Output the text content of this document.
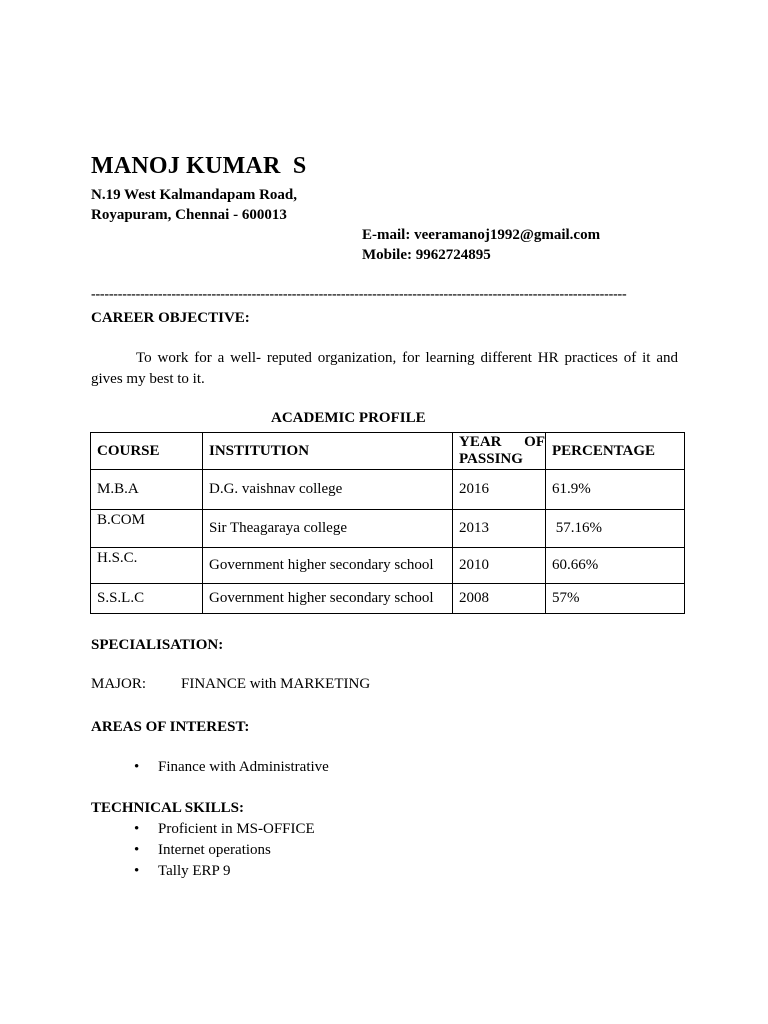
MANOJ KUMAR  S
N.19 West Kalmandapam Road,
Royapuram, Chennai - 600013
E-mail: veeramanoj1992@gmail.com
Mobile: 9962724895
------------------------------------------------------------------------------------------------------------------------
CAREER OBJECTIVE:
To work for a well- reputed organization, for learning different HR practices of it and gives my best to it.
ACADEMIC PROFILE
COURSE	INSTITUTION	YEAR OF PASSING	PERCENTAGE
M.B.A	D.G. vaishnav college	2016	61.9%
B.COM	Sir Theagaraya college	2013	57.16%
H.S.C.	Government higher secondary school	2010	60.66%
S.S.L.C	Government higher secondary school	2008	57%
SPECIALISATION:
MAJOR: FINANCE with MARKETING
AREAS OF INTEREST:
• Finance with Administrative
TECHNICAL SKILLS:
• Proficient in MS-OFFICE
• Internet operations
• Tally ERP 9
